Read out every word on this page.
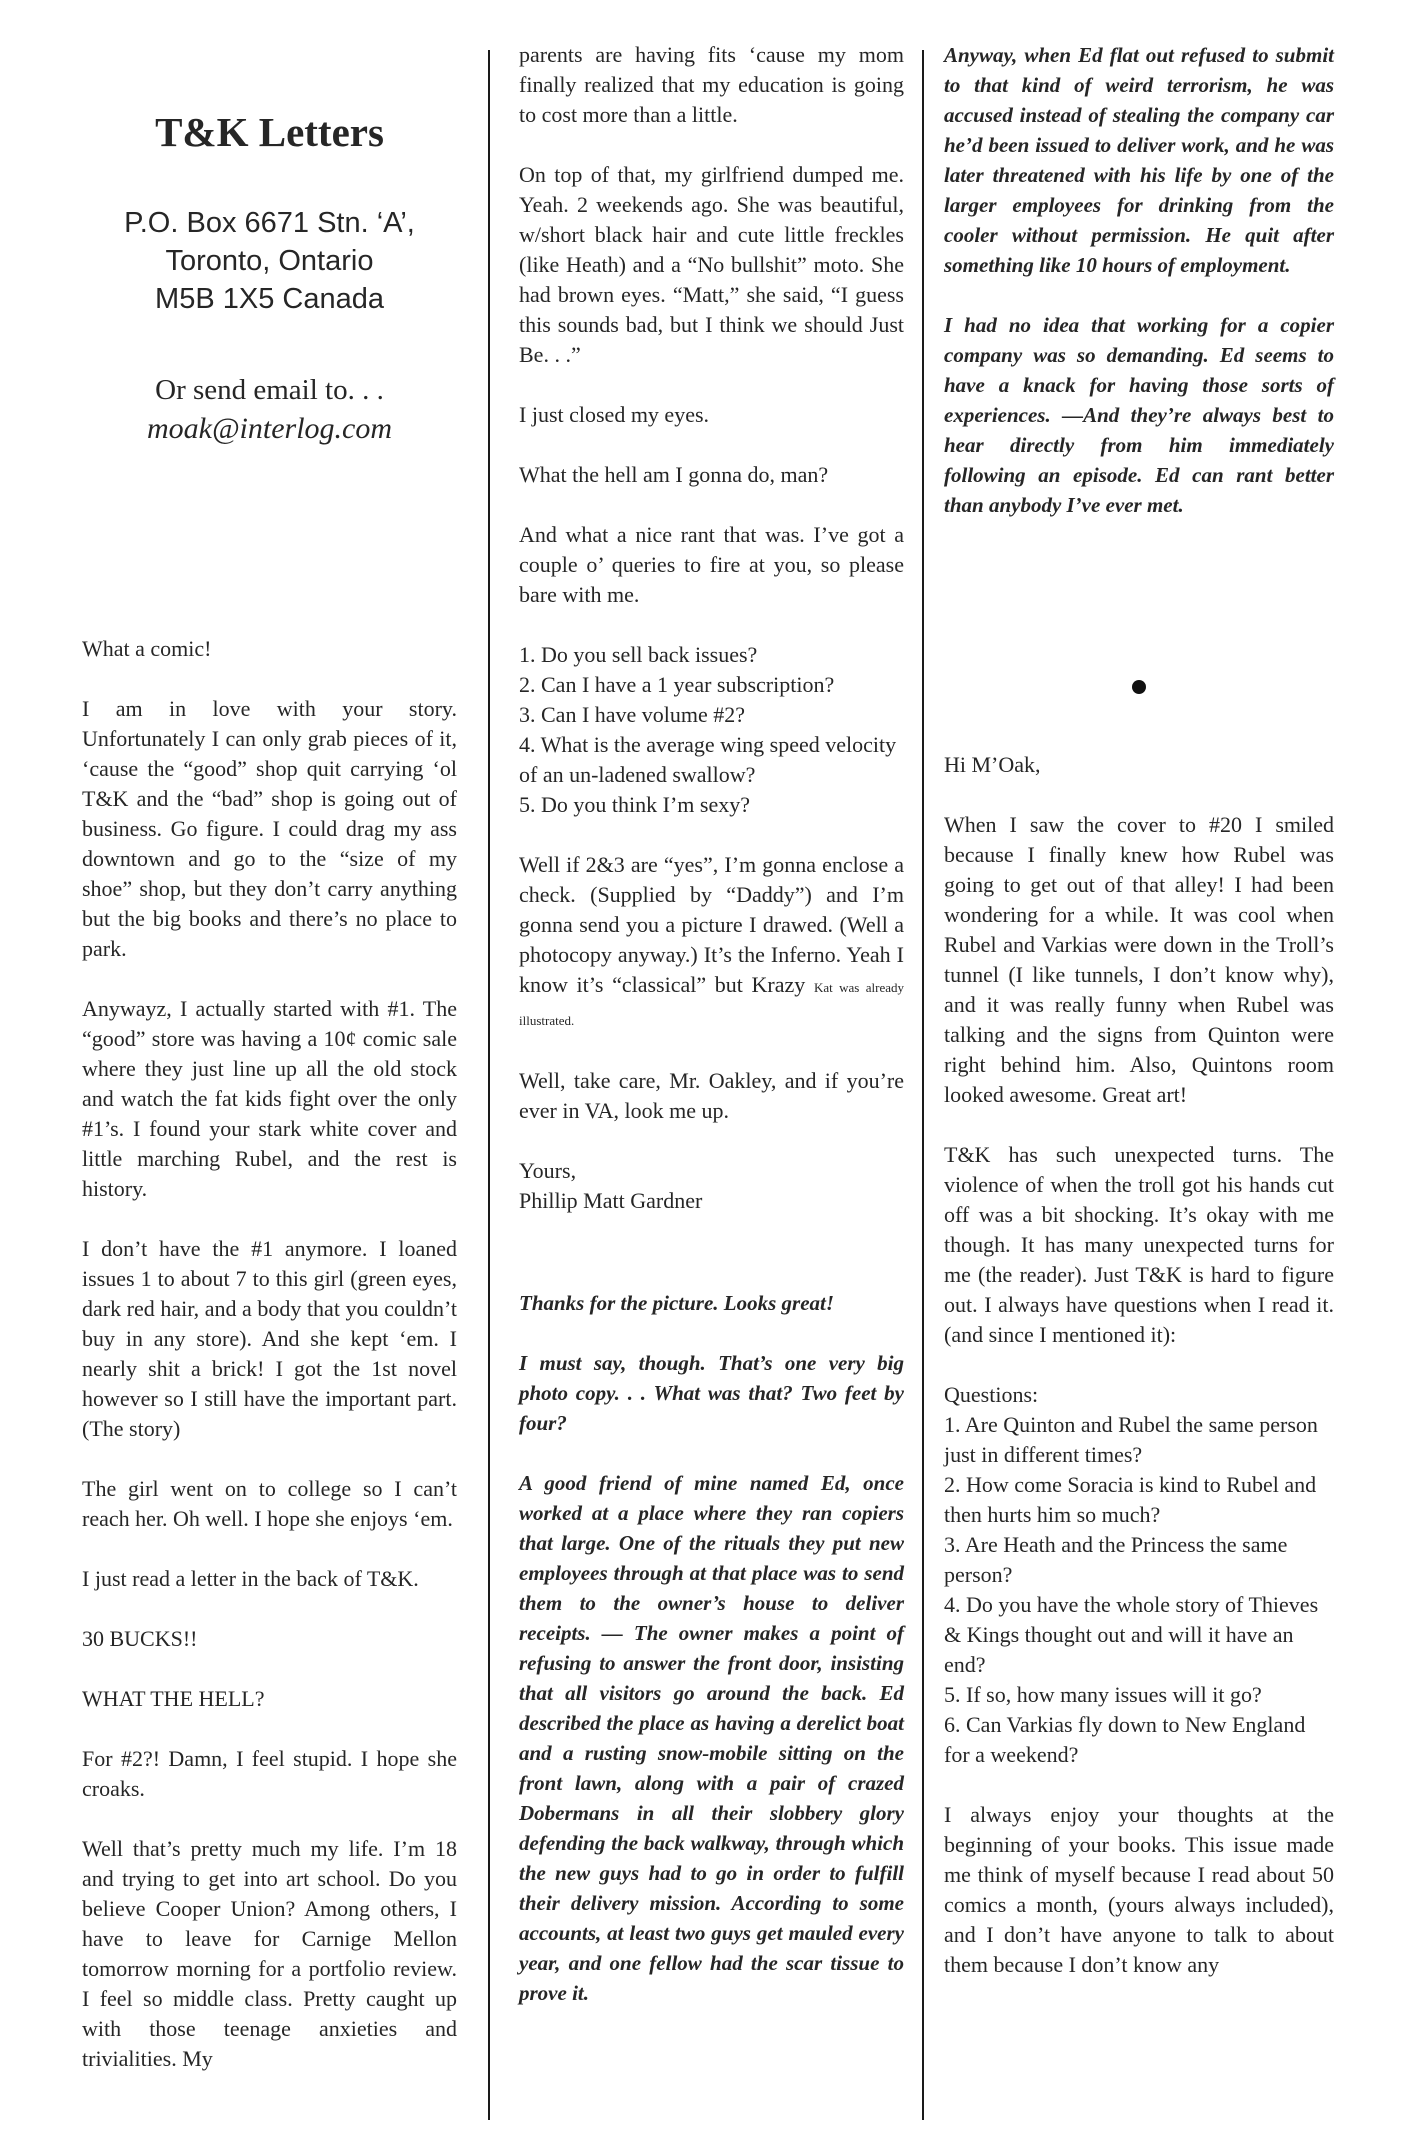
T&K Letters
P.O. Box 6671 Stn. ‘A’,
Toronto, Ontario
M5B 1X5 Canada

Or send email to. . .

moak@interlog.com

What a comic!

I am in love with your story. Unfortunately I can only grab pieces of it, ‘cause the “good” shop quit carrying ‘ol T&K and the “bad” shop is going out of business. Go figure. I could drag my ass downtown and go to the “size of my shoe” shop, but they don’t carry anything but the big books and there’s no place to park.

Anywayz, I actually started with #1. The “good” store was having a 10¢ comic sale where they just line up all the old stock and watch the fat kids fight over the only #1’s. I found your stark white cover and little marching Rubel, and the rest is history.

I don’t have the #1 anymore. I loaned issues 1 to about 7 to this girl (green eyes, dark red hair, and a body that you couldn’t buy in any store). And she kept ‘em. I nearly shit a brick! I got the 1st novel however so I still have the important part. (The story)

The girl went on to college so I can’t reach her. Oh well. I hope she enjoys ‘em.

I just read a letter in the back of T&K.

30 BUCKS!!

WHAT THE HELL?

For #2?! Damn, I feel stupid. I hope she croaks.

Well that’s pretty much my life. I’m 18 and trying to get into art school. Do you believe Cooper Union? Among others, I have to leave for Carnige Mellon tomorrow morning for a portfolio review. I feel so middle class. Pretty caught up with those teenage anxieties and trivialities. My

parents are having fits ‘cause my mom finally realized that my education is going to cost more than a little.

On top of that, my girlfriend dumped me. Yeah. 2 weekends ago. She was beautiful, w/short black hair and cute little freckles (like Heath) and a “No bullshit” moto. She had brown eyes. “Matt,” she said, “I guess this sounds bad, but I think we should Just Be. . .”

I just closed my eyes.

What the hell am I gonna do, man?

And what a nice rant that was. I’ve got a couple o’ queries to fire at you, so please bare with me.

1. Do you sell back issues?

2. Can I have a 1 year subscription?

3. Can I have volume #2?

4. What is the average wing speed velocity of an un-ladened swallow?

5. Do you think I’m sexy?

Well if 2&3 are “yes”, I’m gonna enclose a check. (Supplied by “Daddy”) and I’m gonna send you a picture I drawed. (Well a photocopy anyway.) It’s the Inferno. Yeah I know it’s “classical” but Krazy Kat was already illustrated.

Well, take care, Mr. Oakley, and if you’re ever in VA, look me up.

Yours,

Phillip Matt Gardner

Thanks for the picture. Looks great!

I must say, though. That’s one very big photo copy. . . What was that? Two feet by four?

A good friend of mine named Ed, once worked at a place where they ran copiers that large. One of the rituals they put new employees through at that place was to send them to the owner’s house to deliver receipts. — The owner makes a point of refusing to answer the front door, insisting that all visitors go around the back. Ed described the place as having a derelict boat and a rusting snow-mobile sitting on the front lawn, along with a pair of crazed Dobermans in all their slobbery glory defending the back walkway, through which the new guys had to go in order to fulfill their delivery mission. According to some accounts, at least two guys get mauled every year, and one fellow had the scar tissue to prove it.

Anyway, when Ed flat out refused to submit to that kind of weird terrorism, he was accused instead of stealing the company car he’d been issued to deliver work, and he was later threatened with his life by one of the larger employees for drinking from the cooler without permission. He quit after something like 10 hours of employment.

I had no idea that working for a copier company was so demanding. Ed seems to have a knack for having those sorts of experiences. —And they’re always best to hear directly from him immediately following an episode. Ed can rant better than anybody I’ve ever met.

Hi M’Oak,

When I saw the cover to #20 I smiled because I finally knew how Rubel was going to get out of that alley! I had been wondering for a while. It was cool when Rubel and Varkias were down in the Troll’s tunnel (I like tunnels, I don’t know why), and it was really funny when Rubel was talking and the signs from Quinton were right behind him. Also, Quintons room looked awesome. Great art!

T&K has such unexpected turns. The violence of when the troll got his hands cut off was a bit shocking. It’s okay with me though. It has many unexpected turns for me (the reader). Just T&K is hard to figure out. I always have questions when I read it. (and since I mentioned it):

Questions:

1. Are Quinton and Rubel the same person just in different times?

2. How come Soracia is kind to Rubel and then hurts him so much?

3. Are Heath and the Princess the same person?

4. Do you have the whole story of Thieves & Kings thought out and will it have an end?

5. If so, how many issues will it go?

6. Can Varkias fly down to New England for a weekend?

I always enjoy your thoughts at the beginning of your books. This issue made me think of myself because I read about 50 comics a month, (yours always included), and I don’t have anyone to talk to about them because I don’t know any
